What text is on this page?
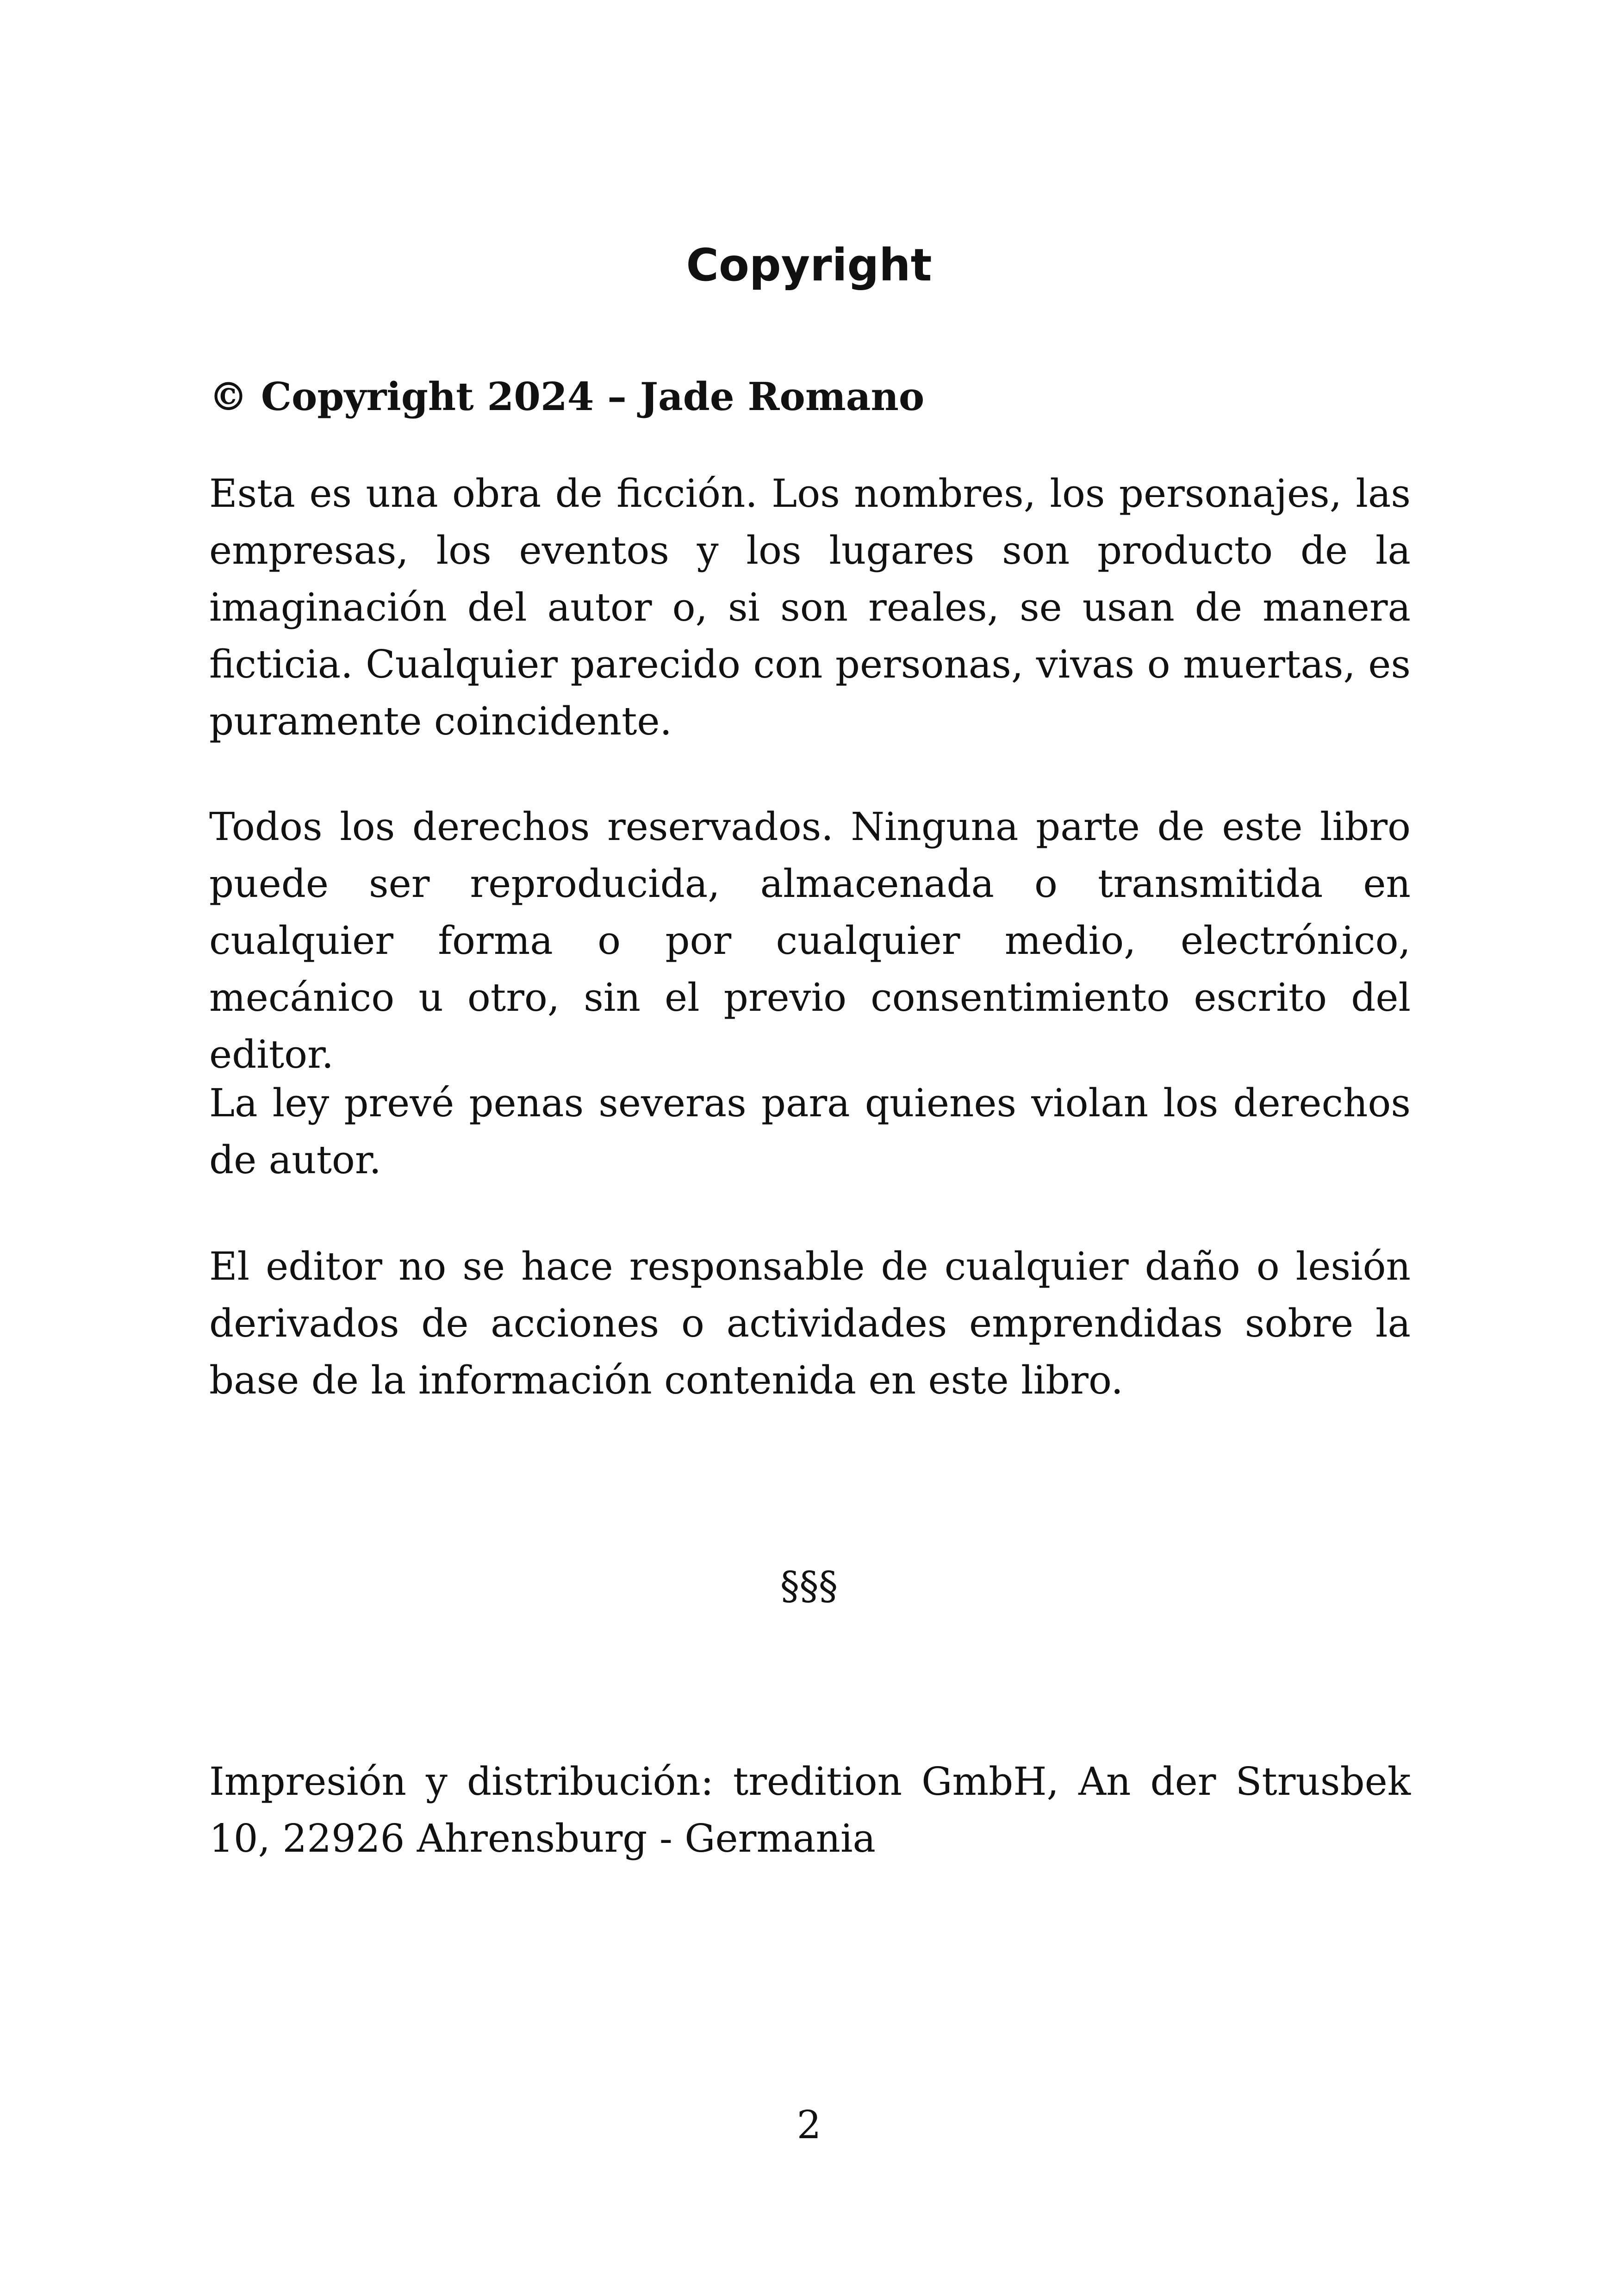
Copyright

© Copyright 2024 – Jade Romano

Esta es una obra de ficción. Los nombres, los personajes, las empresas, los eventos y los lugares son producto de la imaginación del autor o, si son reales, se usan de manera ficticia. Cualquier parecido con personas, vivas o muertas, es puramente coincidente.

Todos los derechos reservados. Ninguna parte de este libro puede ser reproducida, almacenada o transmitida en cualquier forma o por cualquier medio, electrónico, mecánico u otro, sin el previo consentimiento escrito del editor.

La ley prevé penas severas para quienes violan los derechos de autor.

El editor no se hace responsable de cualquier daño o lesión derivados de acciones o actividades emprendidas sobre la base de la información contenida en este libro.

§§§

Impresión y distribución: tredition GmbH, An der Strusbek 10, 22926 Ahrensburg - Germania

2
